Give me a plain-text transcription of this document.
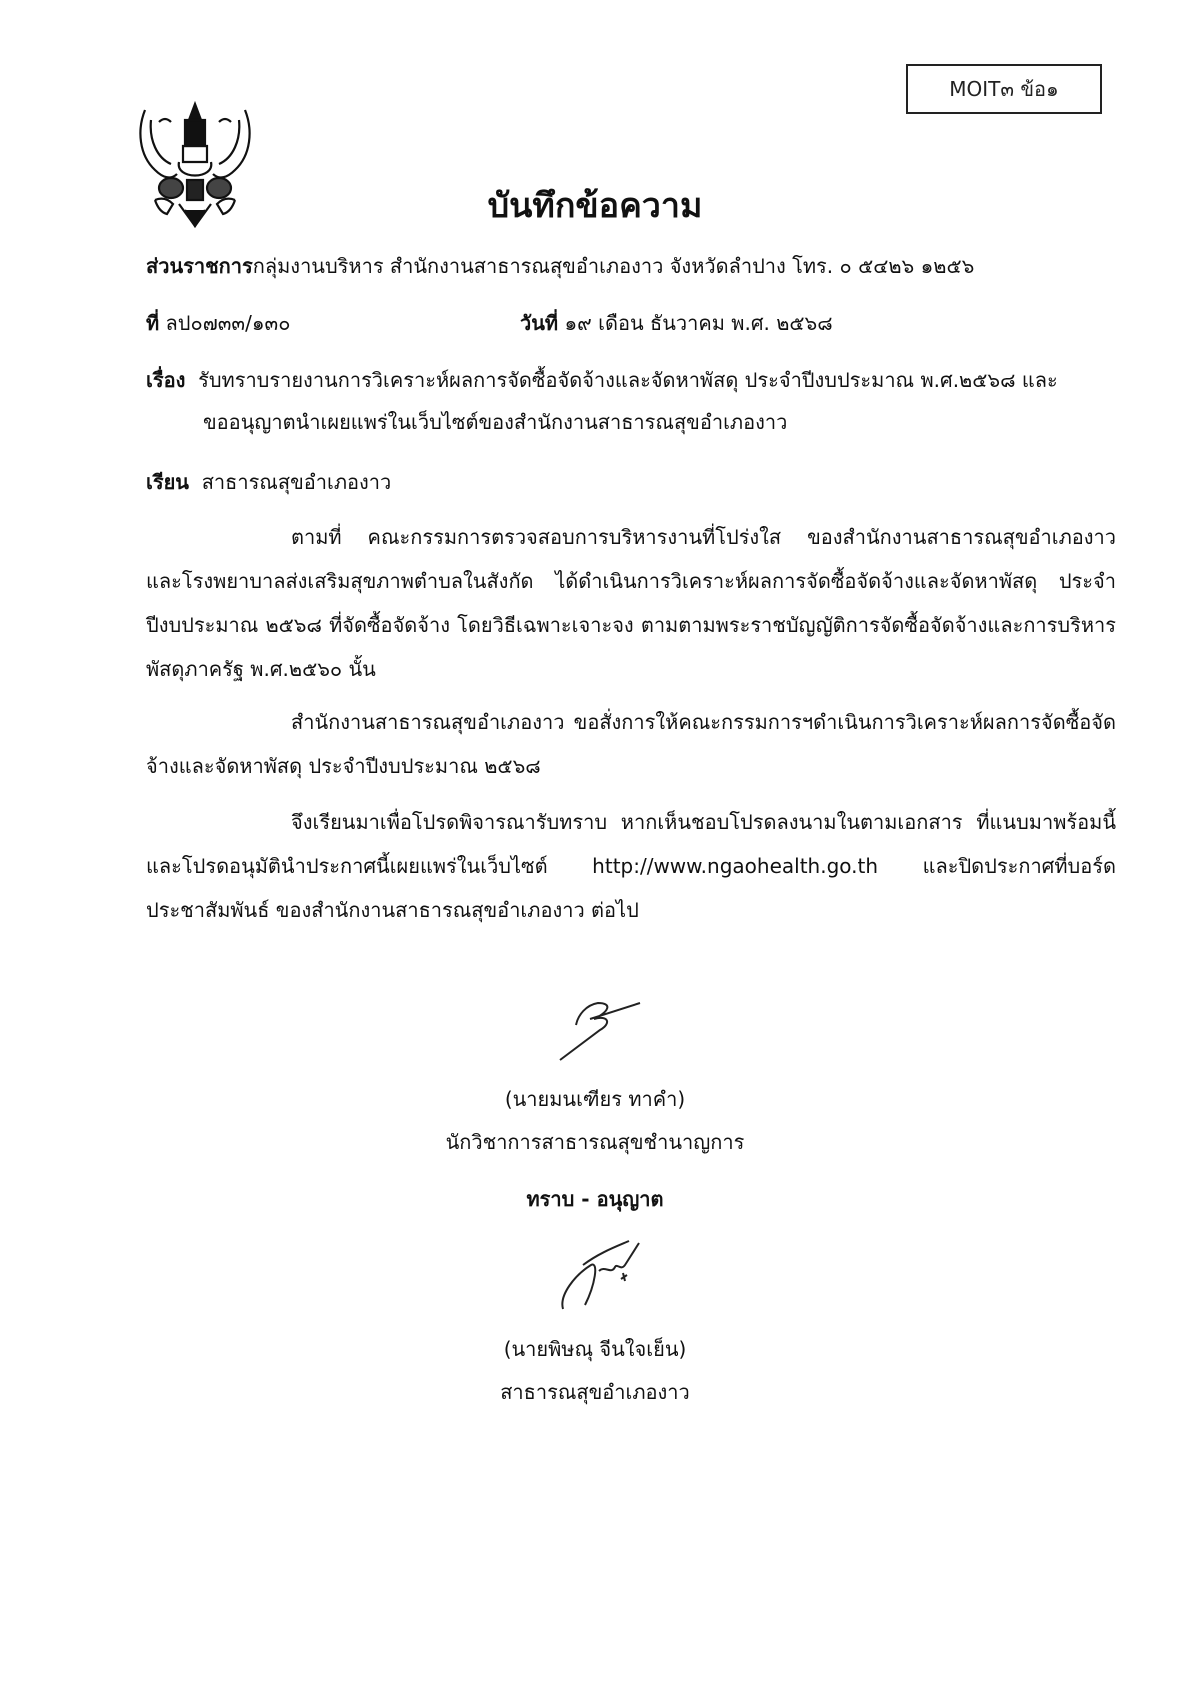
MOIT๓ ข้อ๑
บันทึกข้อความ
ส่วนราชการกลุ่มงานบริหาร สำนักงานสาธารณสุขอำเภองาว จังหวัดลำปาง โทร. ๐ ๕๔๒๖ ๑๒๕๖
ที่ ลป๐๗๓๓/๑๓๐	วันที่ ๑๙ เดือน ธันวาคม พ.ศ. ๒๕๖๘
เรื่อง รับทราบรายงานการวิเคราะห์ผลการจัดซื้อจัดจ้างและจัดหาพัสดุ ประจำปีงบประมาณ พ.ศ.๒๕๖๘ และ
ขออนุญาตนำเผยแพร่ในเว็บไซต์ของสำนักงานสาธารณสุขอำเภองาว
เรียน สาธารณสุขอำเภองาว
ตามที่ คณะกรรมการตรวจสอบการบริหารงานที่โปร่งใส ของสำนักงานสาธารณสุขอำเภองาว และโรงพยาบาลส่งเสริมสุขภาพตำบลในสังกัด ได้ดำเนินการวิเคราะห์ผลการจัดซื้อจัดจ้างและจัดหาพัสดุ ประจำปีงบประมาณ ๒๕๖๘ ที่จัดซื้อจัดจ้าง โดยวิธีเฉพาะเจาะจง ตามตามพระราชบัญญัติการจัดซื้อจัดจ้างและการบริหารพัสดุภาครัฐ พ.ศ.๒๕๖๐ นั้น
สำนักงานสาธารณสุขอำเภองาว ขอสั่งการให้คณะกรรมการฯดำเนินการวิเคราะห์ผลการจัดซื้อจัดจ้างและจัดหาพัสดุ ประจำปีงบประมาณ ๒๕๖๘
จึงเรียนมาเพื่อโปรดพิจารณารับทราบ หากเห็นชอบโปรดลงนามในตามเอกสาร ที่แนบมาพร้อมนี้ และโปรดอนุมัตินำประกาศนี้เผยแพร่ในเว็บไซต์ http://www.ngaohealth.go.th และปิดประกาศที่บอร์ดประชาสัมพันธ์ ของสำนักงานสาธารณสุขอำเภองาว ต่อไป
(นายมนเฑียร ทาคำ)
นักวิชาการสาธารณสุขชำนาญการ
ทราบ - อนุญาต
(นายพิษณุ จีนใจเย็น)
สาธารณสุขอำเภองาว
